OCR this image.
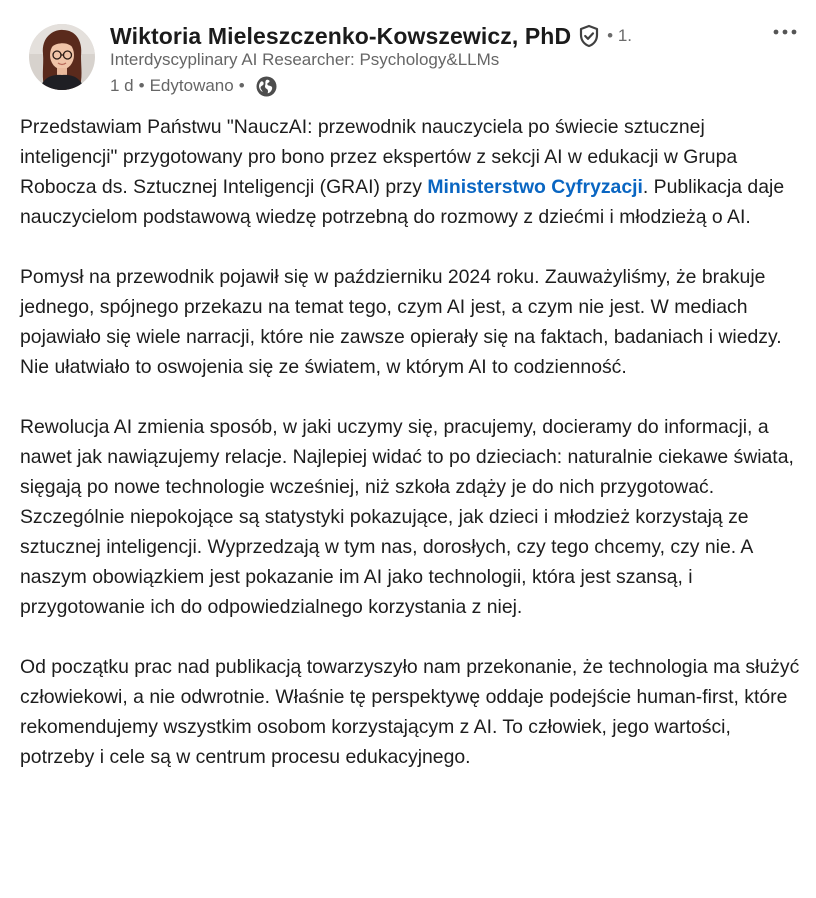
Wiktoria Mieleszczenko-Kowszewicz, PhD • 1.
Interdyscyplinary AI Researcher: Psychology&LLMs
1 d • Edytowano •

Przedstawiam Państwu "NauczAI: przewodnik nauczyciela po świecie sztucznej inteligencji" przygotowany pro bono przez ekspertów z sekcji AI w edukacji w Grupa Robocza ds. Sztucznej Inteligencji (GRAI) przy Ministerstwo Cyfryzacji. Publikacja daje nauczycielom podstawową wiedzę potrzebną do rozmowy z dziećmi i młodzieżą o AI.

Pomysł na przewodnik pojawił się w październiku 2024 roku. Zauważyliśmy, że brakuje jednego, spójnego przekazu na temat tego, czym AI jest, a czym nie jest. W mediach pojawiało się wiele narracji, które nie zawsze opierały się na faktach, badaniach i wiedzy. Nie ułatwiało to oswojenia się ze światem, w którym AI to codzienność.

Rewolucja AI zmienia sposób, w jaki uczymy się, pracujemy, docieramy do informacji, a nawet jak nawiązujemy relacje. Najlepiej widać to po dzieciach: naturalnie ciekawe świata, sięgają po nowe technologie wcześniej, niż szkoła zdąży je do nich przygotować. Szczególnie niepokojące są statystyki pokazujące, jak dzieci i młodzież korzystają ze sztucznej inteligencji. Wyprzedzają w tym nas, dorosłych, czy tego chcemy, czy nie. A naszym obowiązkiem jest pokazanie im AI jako technologii, która jest szansą, i przygotowanie ich do odpowiedzialnego korzystania z niej.

Od początku prac nad publikacją towarzyszyło nam przekonanie, że technologia ma służyć człowiekowi, a nie odwrotnie. Właśnie tę perspektywę oddaje podejście human-first, które rekomendujemy wszystkim osobom korzystającym z AI. To człowiek, jego wartości, potrzeby i cele są w centrum procesu edukacyjnego.
